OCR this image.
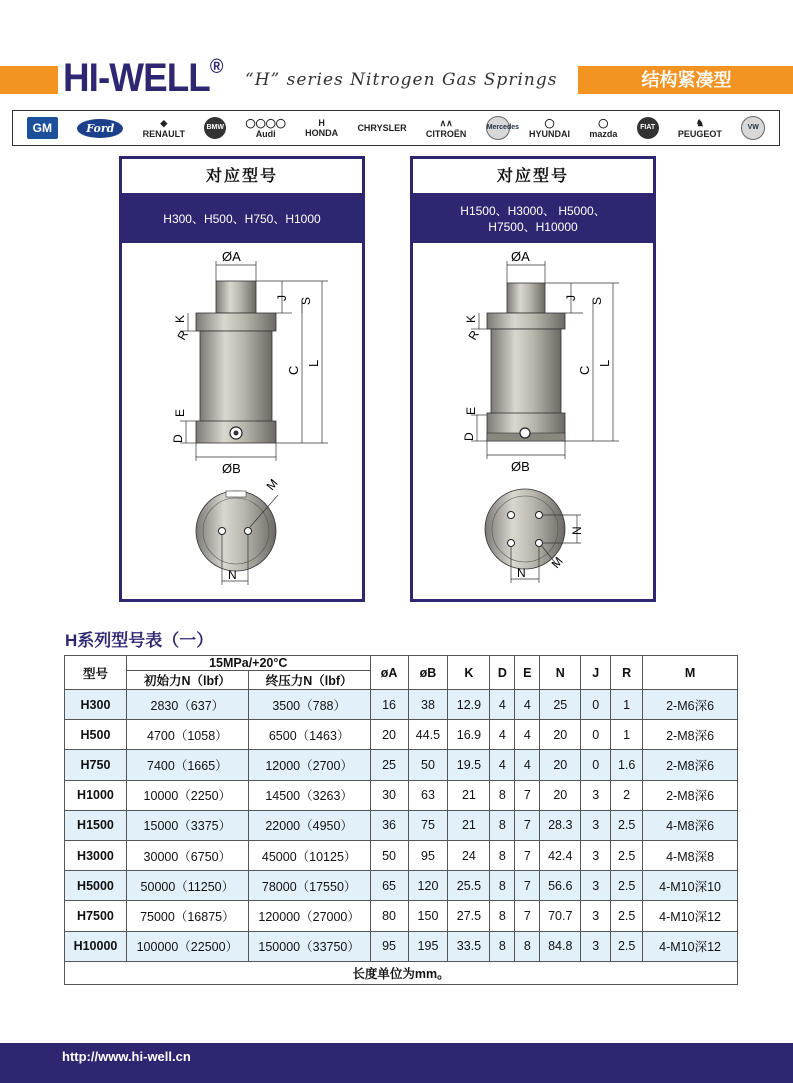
HI-WELL®
“H” series Nitrogen Gas Springs	结构紧凑型
GM	Ford	◆
RENAULT
BMW ◯◯◯◯
Audi
H
HONDA CHRYSLER
∧∧
CITROËN
Mercedes	◯
HYUNDAI
◯
mazda
FIAT	♞
PEUGEOT
VW
对应型号
H300、H500、H750、H1000
ØA
ØB
J S
C
L
K
R
E
D
N
M
对应型号
H1500、H3000、 H5000、
H7500、H10000
ØA
ØB
J S
C
L
K
R
E
D
N
N
M
H系列型号表（一）
型号	15MPa/+20°C		øA	øB	K	D	E	N	J	R	M
	初始力N（lbf）	终压力N（lbf）									
H300	2830（637）	3500（788）	16	38	12.9	4	4	25	0	1	2-M6深6
H500	4700（1058）	6500（1463）	20	44.5	16.9	4	4	20	0	1	2-M8深6
H750	7400（1665）	12000（2700）	25	50	19.5	4	4	20	0	1.6	2-M8深6
H1000	10000（2250）	14500（3263）	30	63	21	8	7	20	3	2	2-M8深6
H1500	15000（3375）	22000（4950）	36	75	21	8	7	28.3	3	2.5	4-M8深6
H3000	30000（6750）	45000（10125）	50	95	24	8	7	42.4	3	2.5	4-M8深8
H5000	50000（11250）	78000（17550）	65	120	25.5	8	7	56.6	3	2.5	4-M10深10
H7500	75000（16875）	120000（27000）	80	150	27.5	8	7	70.7	3	2.5	4-M10深12
H10000	100000（22500）	150000（33750）	95	195	33.5	8	8	84.8	3	2.5	4-M10深12
长度单位为mm。											
http://www.hi-well.cn
